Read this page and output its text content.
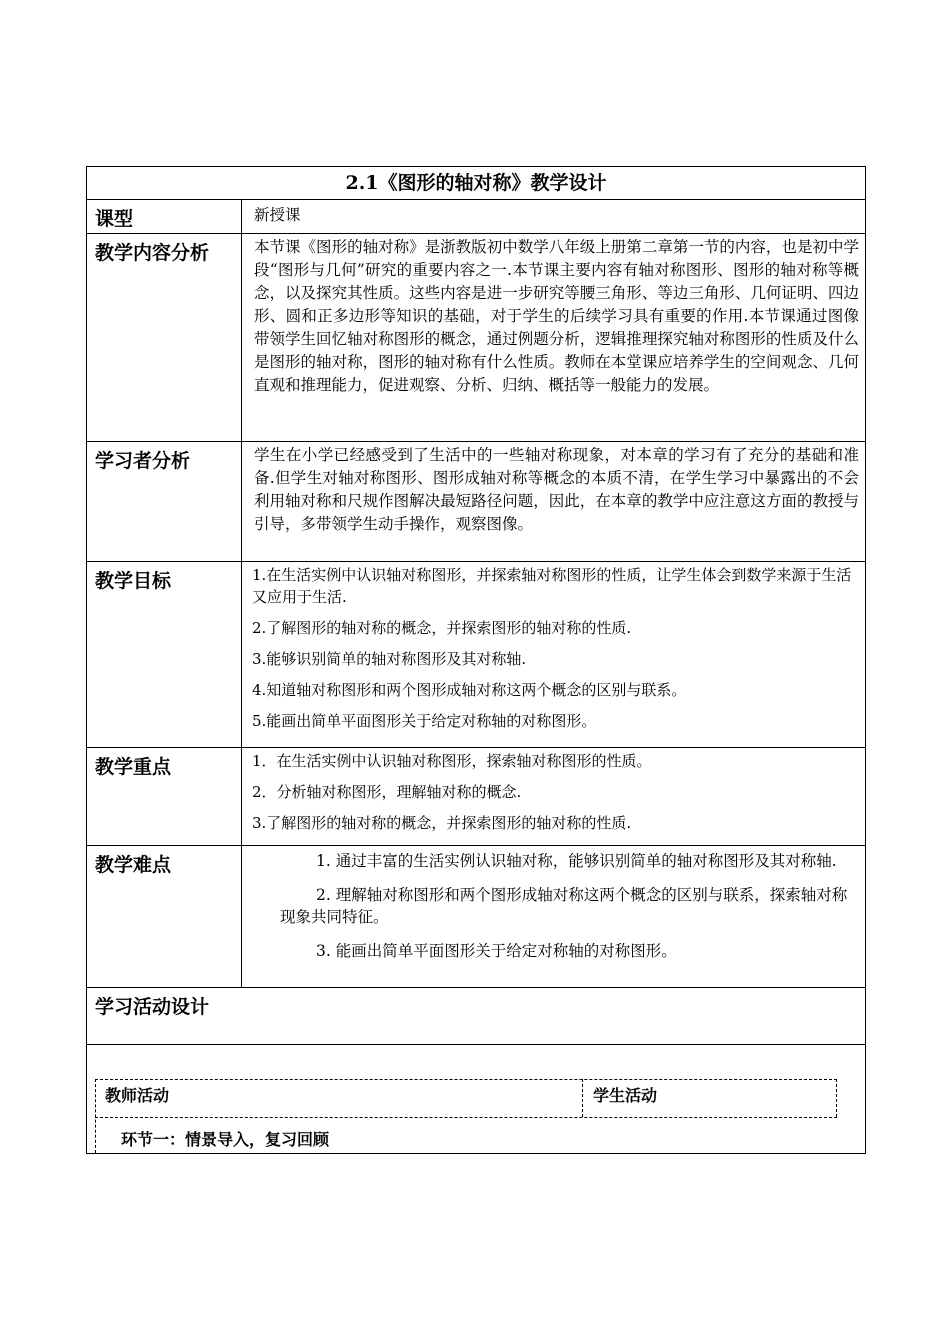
2.1《图形的轴对称》教学设计	
课型	新授课
教学内容分析	本节课《图形的轴对称》是浙教版初中数学八年级上册第二章第一节的内容，也是初中学段“图形与几何”研究的重要内容之一.本节课主要内容有轴对称图形、图形的轴对称等概念，以及探究其性质。这些内容是进一步研究等腰三角形、等边三角形、几何证明、四边形、圆和正多边形等知识的基础，对于学生的后续学习具有重要的作用.本节课通过图像带领学生回忆轴对称图形的概念，通过例题分析，逻辑推理探究轴对称图形的性质及什么是图形的轴对称，图形的轴对称有什么性质。教师在本堂课应培养学生的空间观念、几何直观和推理能力，促进观察、分析、归纳、概括等一般能力的发展。

学习者分析	学生在小学已经感受到了生活中的一些轴对称现象，对本章的学习有了充分的基础和准备.但学生对轴对称图形、图形成轴对称等概念的本质不清，在学生学习中暴露出的不会利用轴对称和尺规作图解决最短路径问题，因此，在本章的教学中应注意这方面的教授与引导，多带领学生动手操作，观察图像。

教学目标	1.在生活实例中认识轴对称图形，并探索轴对称图形的性质，让学生体会到数学来源于生活又应用于生活.

2.了解图形的轴对称的概念，并探索图形的轴对称的性质.

3.能够识别简单的轴对称图形及其对称轴.

4.知道轴对称图形和两个图形成轴对称这两个概念的区别与联系。

5.能画出简单平面图形关于给定对称轴的对称图形。

教学重点	1．在生活实例中认识轴对称图形，探索轴对称图形的性质。

2．分析轴对称图形，理解轴对称的概念.

3.了解图形的轴对称的概念，并探索图形的轴对称的性质.

教学难点	1. 通过丰富的生活实例认识轴对称，能够识别简单的轴对称图形及其对称轴.

2. 理解轴对称图形和两个图形成轴对称这两个概念的区别与联系，探索轴对称现象共同特征。

3. 能画出简单平面图形关于给定对称轴的对称图形。

学习活动设计	

教师活动 学生活动
环节一：情景导入，复习回顾	
